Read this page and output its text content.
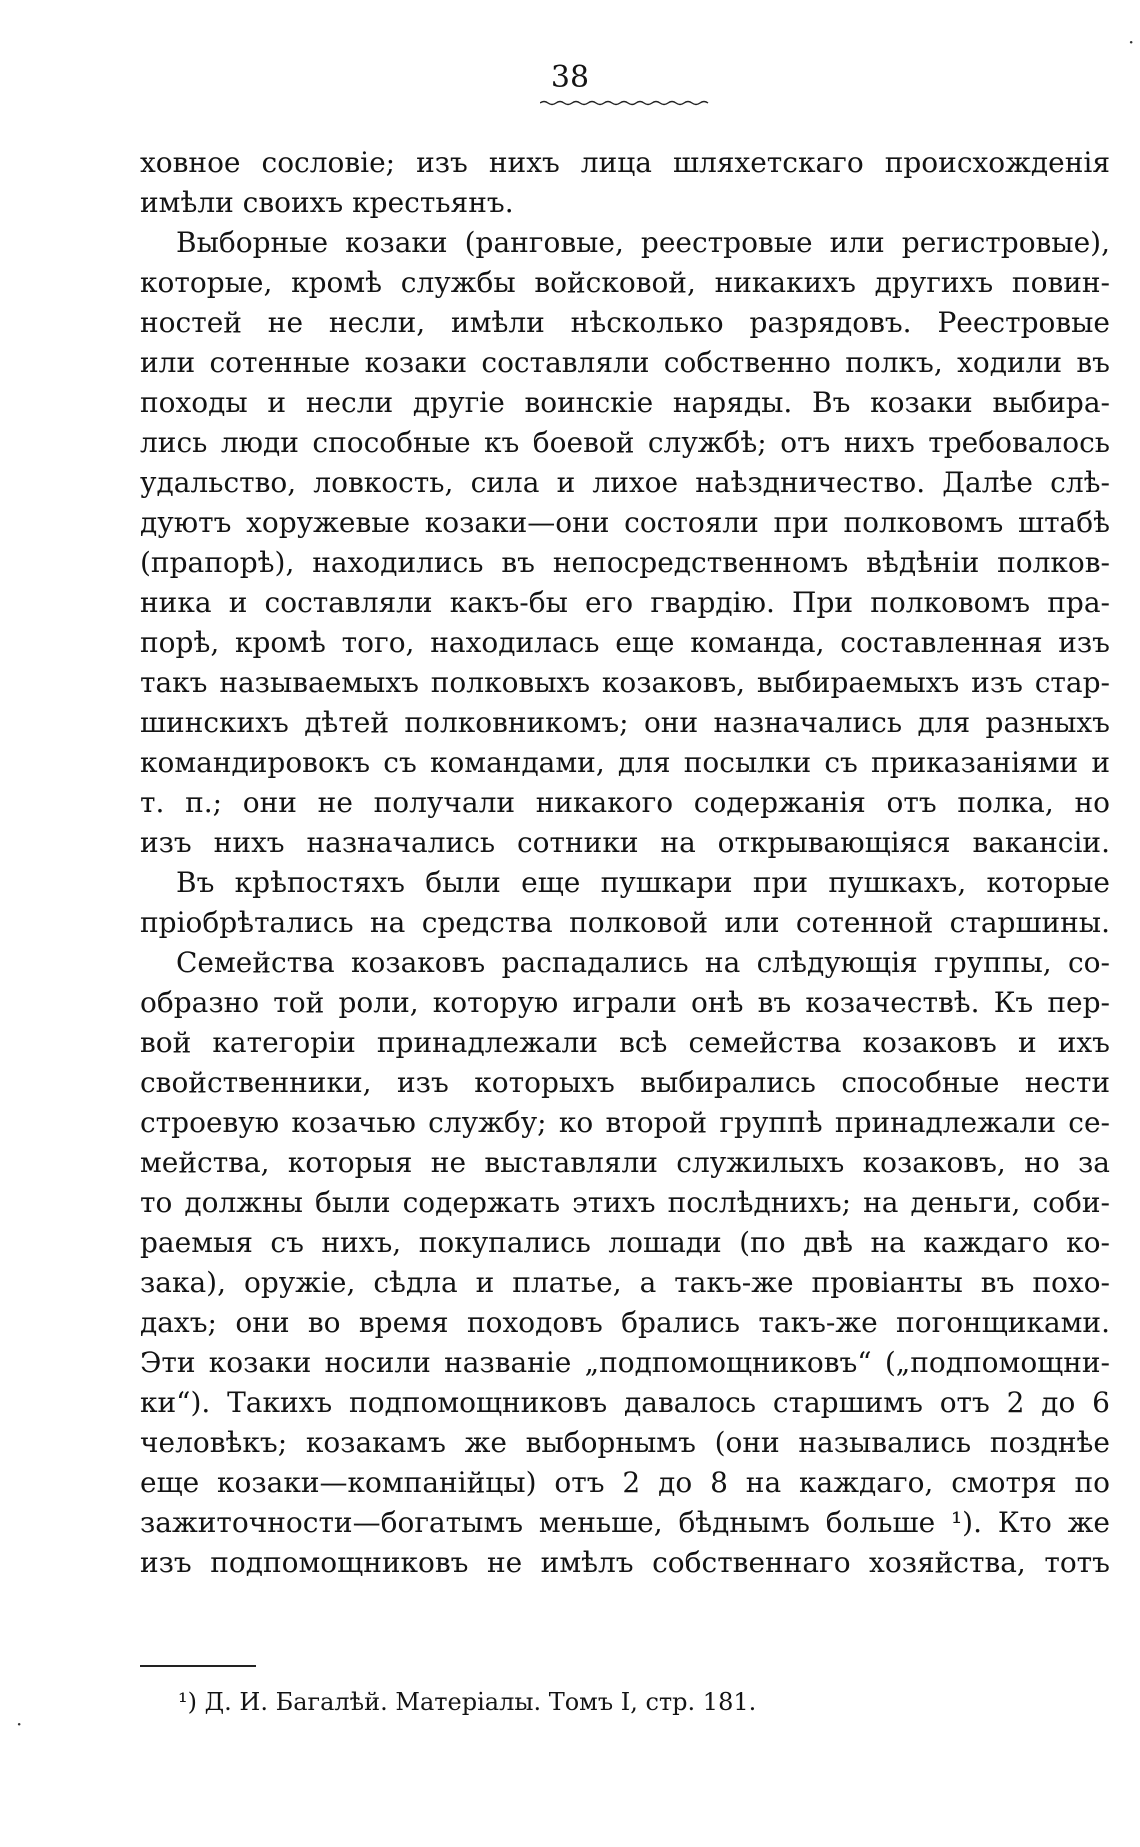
38
·
·
ховное сословіе; изъ нихъ лица шляхетскаго происхожденія
имѣли своихъ крестьянъ.
Выборные козаки (ранговые, реестровые или регистровые),
которые, кромѣ службы войсковой, никакихъ другихъ повин-
ностей не несли, имѣли нѣсколько разрядовъ. Реестровые
или сотенные козаки составляли собственно полкъ, ходили въ
походы и несли другіе воинскіе наряды. Въ козаки выбира-
лись люди способные къ боевой службѣ; отъ нихъ требовалось
удальство, ловкость, сила и лихое наѣздничество. Далѣе слѣ-
дуютъ хоружевые козаки—они состояли при полковомъ штабѣ
(прапорѣ), находились въ непосредственномъ вѣдѣніи полков-
ника и составляли какъ-бы его гвардію. При полковомъ пра-
порѣ, кромѣ того, находилась еще команда, составленная изъ
такъ называемыхъ полковыхъ козаковъ, выбираемыхъ изъ стар-
шинскихъ дѣтей полковникомъ; они назначались для разныхъ
командировокъ съ командами, для посылки съ приказаніями и
т. п.; они не получали никакого содержанія отъ полка, но
изъ нихъ назначались сотники на открывающіяся вакансіи.
Въ крѣпостяхъ были еще пушкари при пушкахъ, которые
пріобрѣтались на средства полковой или сотенной старшины.
Семейства козаковъ распадались на слѣдующія группы, со-
образно той роли, которую играли онѣ въ козачествѣ. Къ пер-
вой категоріи принадлежали всѣ семейства козаковъ и ихъ
свойственники, изъ которыхъ выбирались способные нести
строевую козачью службу; ко второй группѣ принадлежали се-
мейства, которыя не выставляли служилыхъ козаковъ, но за
то должны были содержать этихъ послѣднихъ; на деньги, соби-
раемыя съ нихъ, покупались лошади (по двѣ на каждаго ко-
зака), оружіе, сѣдла и платье, а такъ-же провіанты въ похо-
дахъ; они во время походовъ брались такъ-же погонщиками.
Эти козаки носили названіе „подпомощниковъ“ („подпомощни-
ки“). Такихъ подпомощниковъ давалось старшимъ отъ 2 до 6
человѣкъ; козакамъ же выборнымъ (они назывались позднѣе
еще козаки—компанійцы) отъ 2 до 8 на каждаго, смотря по
зажиточности—богатымъ меньше, бѣднымъ больше ¹). Кто же
изъ подпомощниковъ не имѣлъ собственнаго хозяйства, тотъ
¹) Д. И. Багалѣй. Матеріалы. Томъ I, стр. 181.
